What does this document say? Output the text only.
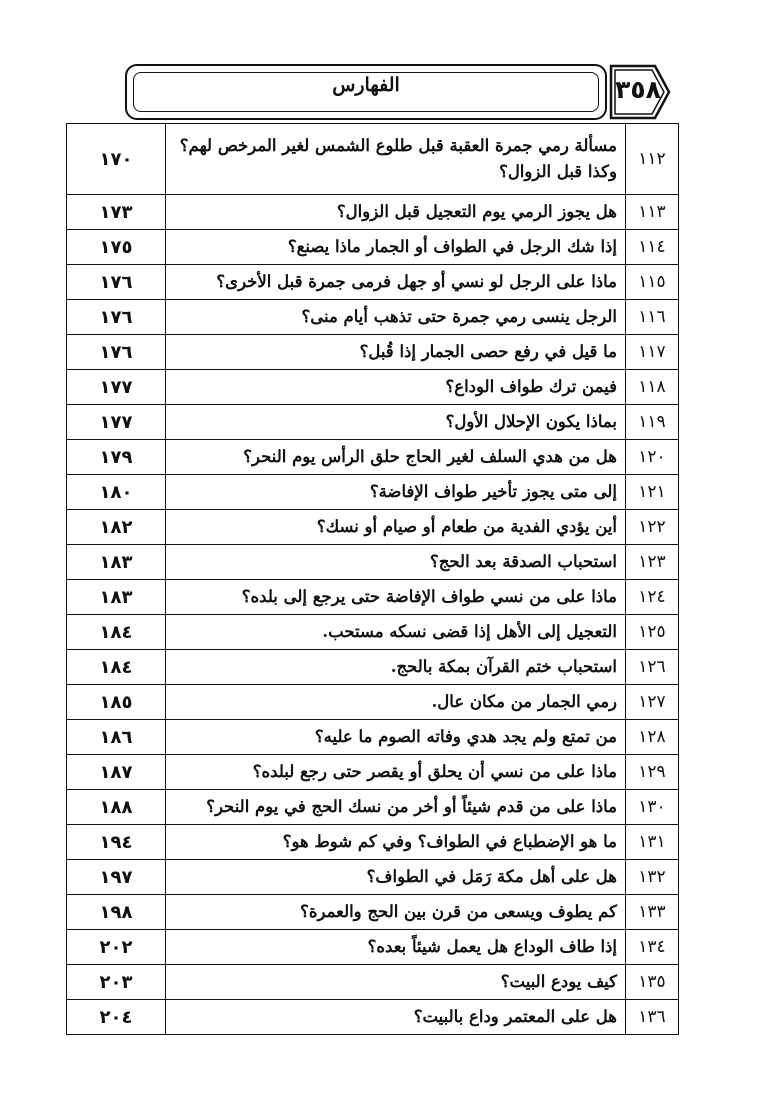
الفهارس	٣٥٨
١١٢	مسألة رمي جمرة العقبة قبل طلوع الشمس لغير المرخص لهم؟ وكذا قبل الزوال؟	١٧٠
١١٣	هل يجوز الرمي يوم التعجيل قبل الزوال؟	١٧٣
١١٤	إذا شك الرجل في الطواف أو الجمار ماذا يصنع؟	١٧٥
١١٥	ماذا على الرجل لو نسي أو جهل فرمى جمرة قبل الأخرى؟	١٧٦
١١٦	الرجل ينسى رمي جمرة حتى تذهب أيام منى؟	١٧٦
١١٧	ما قيل في رفع حصى الجمار إذا قُبل؟	١٧٦
١١٨	فيمن ترك طواف الوداع؟	١٧٧
١١٩	بماذا يكون الإحلال الأول؟	١٧٧
١٢٠	هل من هدي السلف لغير الحاج حلق الرأس يوم النحر؟	١٧٩
١٢١	إلى متى يجوز تأخير طواف الإفاضة؟	١٨٠
١٢٢	أين يؤدي الفدية من طعام أو صيام أو نسك؟	١٨٢
١٢٣	استحباب الصدقة بعد الحج؟	١٨٣
١٢٤	ماذا على من نسي طواف الإفاضة حتى يرجع إلى بلده؟	١٨٣
١٢٥	التعجيل إلى الأهل إذا قضى نسكه مستحب.	١٨٤
١٢٦	استحباب ختم القرآن بمكة بالحج.	١٨٤
١٢٧	رمي الجمار من مكان عال.	١٨٥
١٢٨	من تمتع ولم يجد هدي وفاته الصوم ما عليه؟	١٨٦
١٢٩	ماذا على من نسي أن يحلق أو يقصر حتى رجع لبلده؟	١٨٧
١٣٠	ماذا على من قدم شيئاً أو أخر من نسك الحج في يوم النحر؟	١٨٨
١٣١	ما هو الإضطباع في الطواف؟ وفي كم شوط هو؟	١٩٤
١٣٢	هل على أهل مكة رَمَل في الطواف؟	١٩٧
١٣٣	كم يطوف ويسعى من قرن بين الحج والعمرة؟	١٩٨
١٣٤	إذا طاف الوداع هل يعمل شيئاً بعده؟	٢٠٢
١٣٥	كيف يودع البيت؟	٢٠٣
١٣٦	هل على المعتمر وداع بالبيت؟	٢٠٤
